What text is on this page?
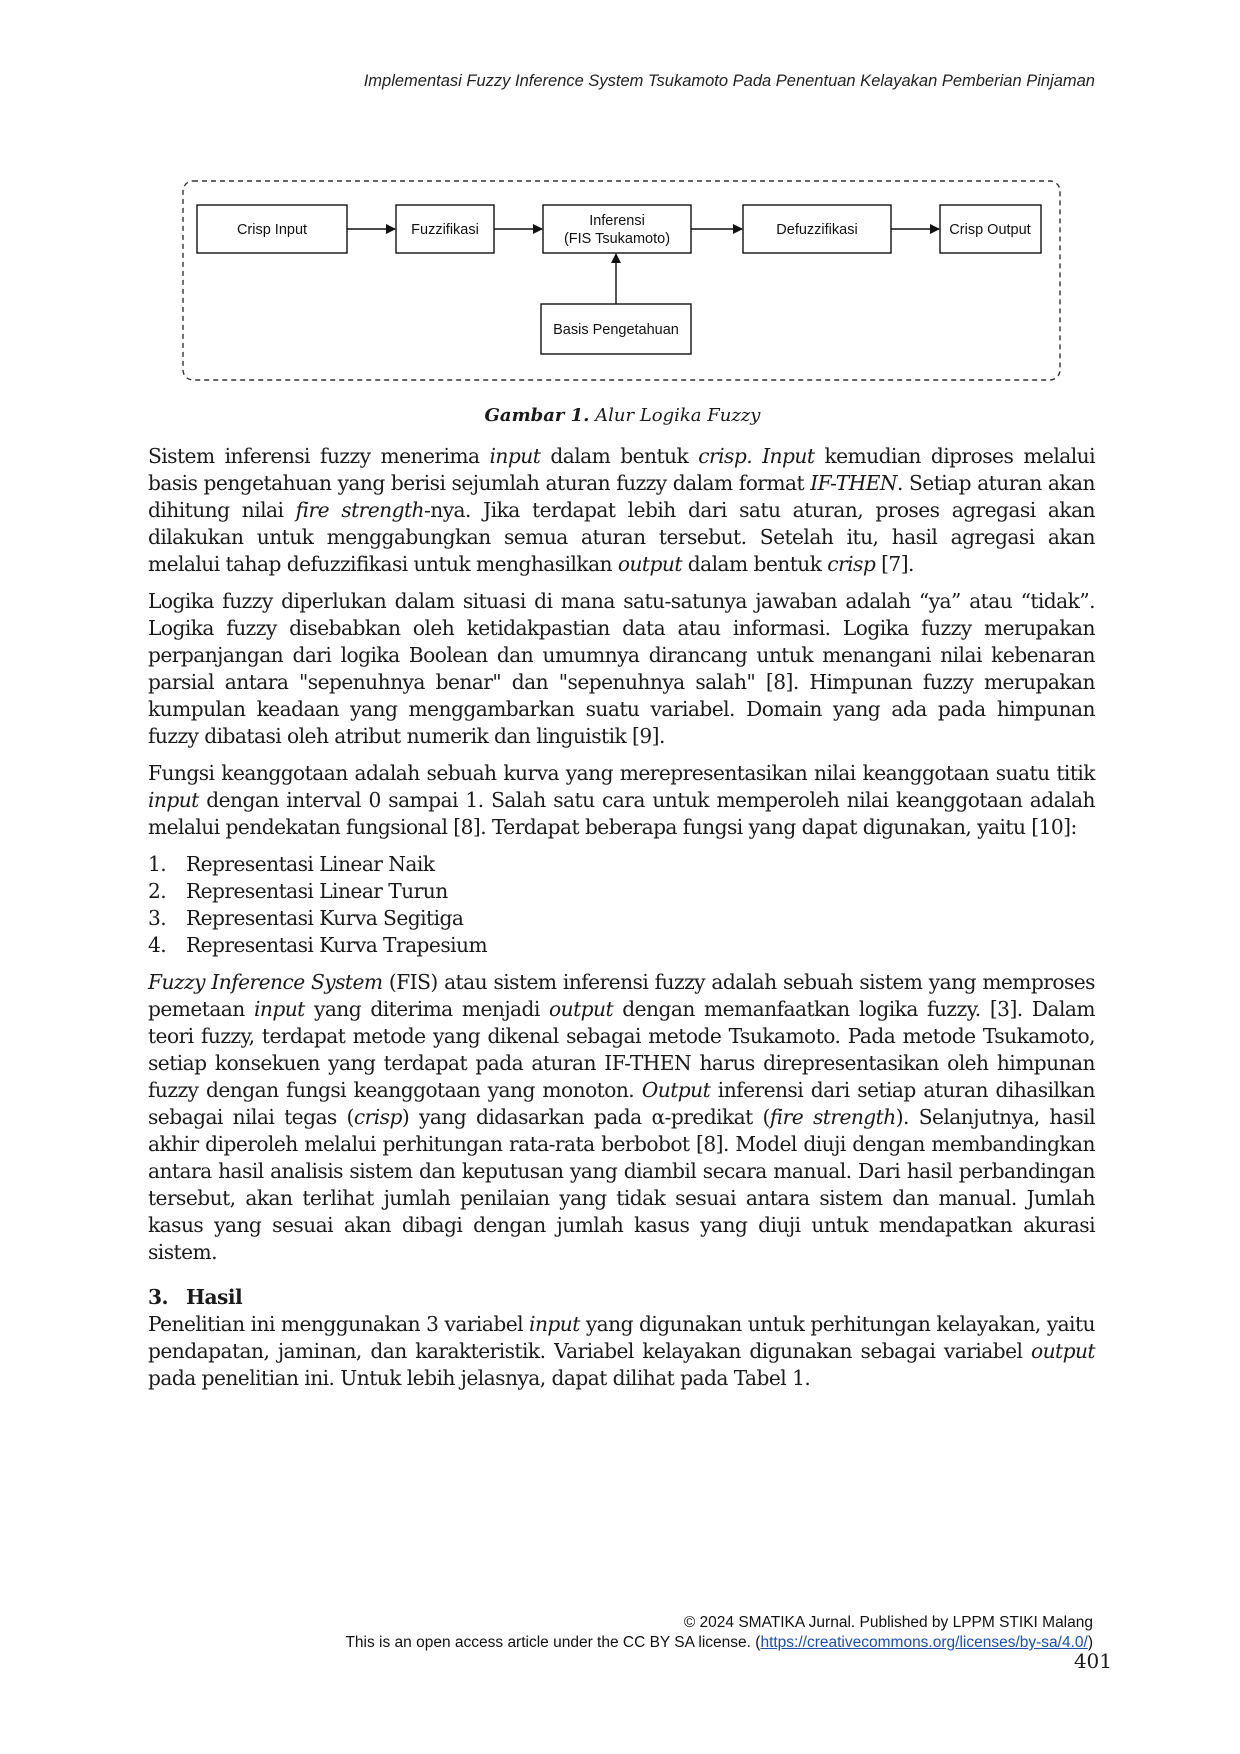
Implementasi Fuzzy Inference System Tsukamoto Pada Penentuan Kelayakan Pemberian Pinjaman
Crisp Input	Fuzzifikasi
Inferensi
(FIS Tsukamoto)
Defuzzifikasi	Crisp Output
Basis Pengetahuan
Gambar 1. Alur Logika Fuzzy

Sistem inferensi fuzzy menerima input dalam bentuk crisp. Input kemudian diproses melalui basis pengetahuan yang berisi sejumlah aturan fuzzy dalam format IF-THEN. Setiap aturan akan dihitung nilai fire strength-nya. Jika terdapat lebih dari satu aturan, proses agregasi akan dilakukan untuk menggabungkan semua aturan tersebut. Setelah itu, hasil agregasi akan melalui tahap defuzzifikasi untuk menghasilkan output dalam bentuk crisp [7].

Logika fuzzy diperlukan dalam situasi di mana satu-satunya jawaban adalah “ya” atau “tidak”. Logika fuzzy disebabkan oleh ketidakpastian data atau informasi. Logika fuzzy merupakan perpanjangan dari logika Boolean dan umumnya dirancang untuk menangani nilai kebenaran parsial antara "sepenuhnya benar" dan "sepenuhnya salah" [8]. Himpunan fuzzy merupakan kumpulan keadaan yang menggambarkan suatu variabel. Domain yang ada pada himpunan fuzzy dibatasi oleh atribut numerik dan linguistik [9].

Fungsi keanggotaan adalah sebuah kurva yang merepresentasikan nilai keanggotaan suatu titik input dengan interval 0 sampai 1. Salah satu cara untuk memperoleh nilai keanggotaan adalah melalui pendekatan fungsional [8]. Terdapat beberapa fungsi yang dapat digunakan, yaitu [10]:

1. Representasi Linear Naik
2. Representasi Linear Turun
3. Representasi Kurva Segitiga
4. Representasi Kurva Trapesium

Fuzzy Inference System (FIS) atau sistem inferensi fuzzy adalah sebuah sistem yang memproses pemetaan input yang diterima menjadi output dengan memanfaatkan logika fuzzy. [3]. Dalam teori fuzzy, terdapat metode yang dikenal sebagai metode Tsukamoto. Pada metode Tsukamoto, setiap konsekuen yang terdapat pada aturan IF-THEN harus direpresentasikan oleh himpunan fuzzy dengan fungsi keanggotaan yang monoton. Output inferensi dari setiap aturan dihasilkan sebagai nilai tegas (crisp) yang didasarkan pada α-predikat (fire strength). Selanjutnya, hasil akhir diperoleh melalui perhitungan rata-rata berbobot [8]. Model diuji dengan membandingkan antara hasil analisis sistem dan keputusan yang diambil secara manual. Dari hasil perbandingan tersebut, akan terlihat jumlah penilaian yang tidak sesuai antara sistem dan manual. Jumlah kasus yang sesuai akan dibagi dengan jumlah kasus yang diuji untuk mendapatkan akurasi sistem.

3. Hasil

Penelitian ini menggunakan 3 variabel input yang digunakan untuk perhitungan kelayakan, yaitu pendapatan, jaminan, dan karakteristik. Variabel kelayakan digunakan sebagai variabel output pada penelitian ini. Untuk lebih jelasnya, dapat dilihat pada Tabel 1.

© 2024 SMATIKA Jurnal. Published by LPPM STIKI Malang
This is an open access article under the CC BY SA license. (https://creativecommons.org/licenses/by-sa/4.0/)
401
